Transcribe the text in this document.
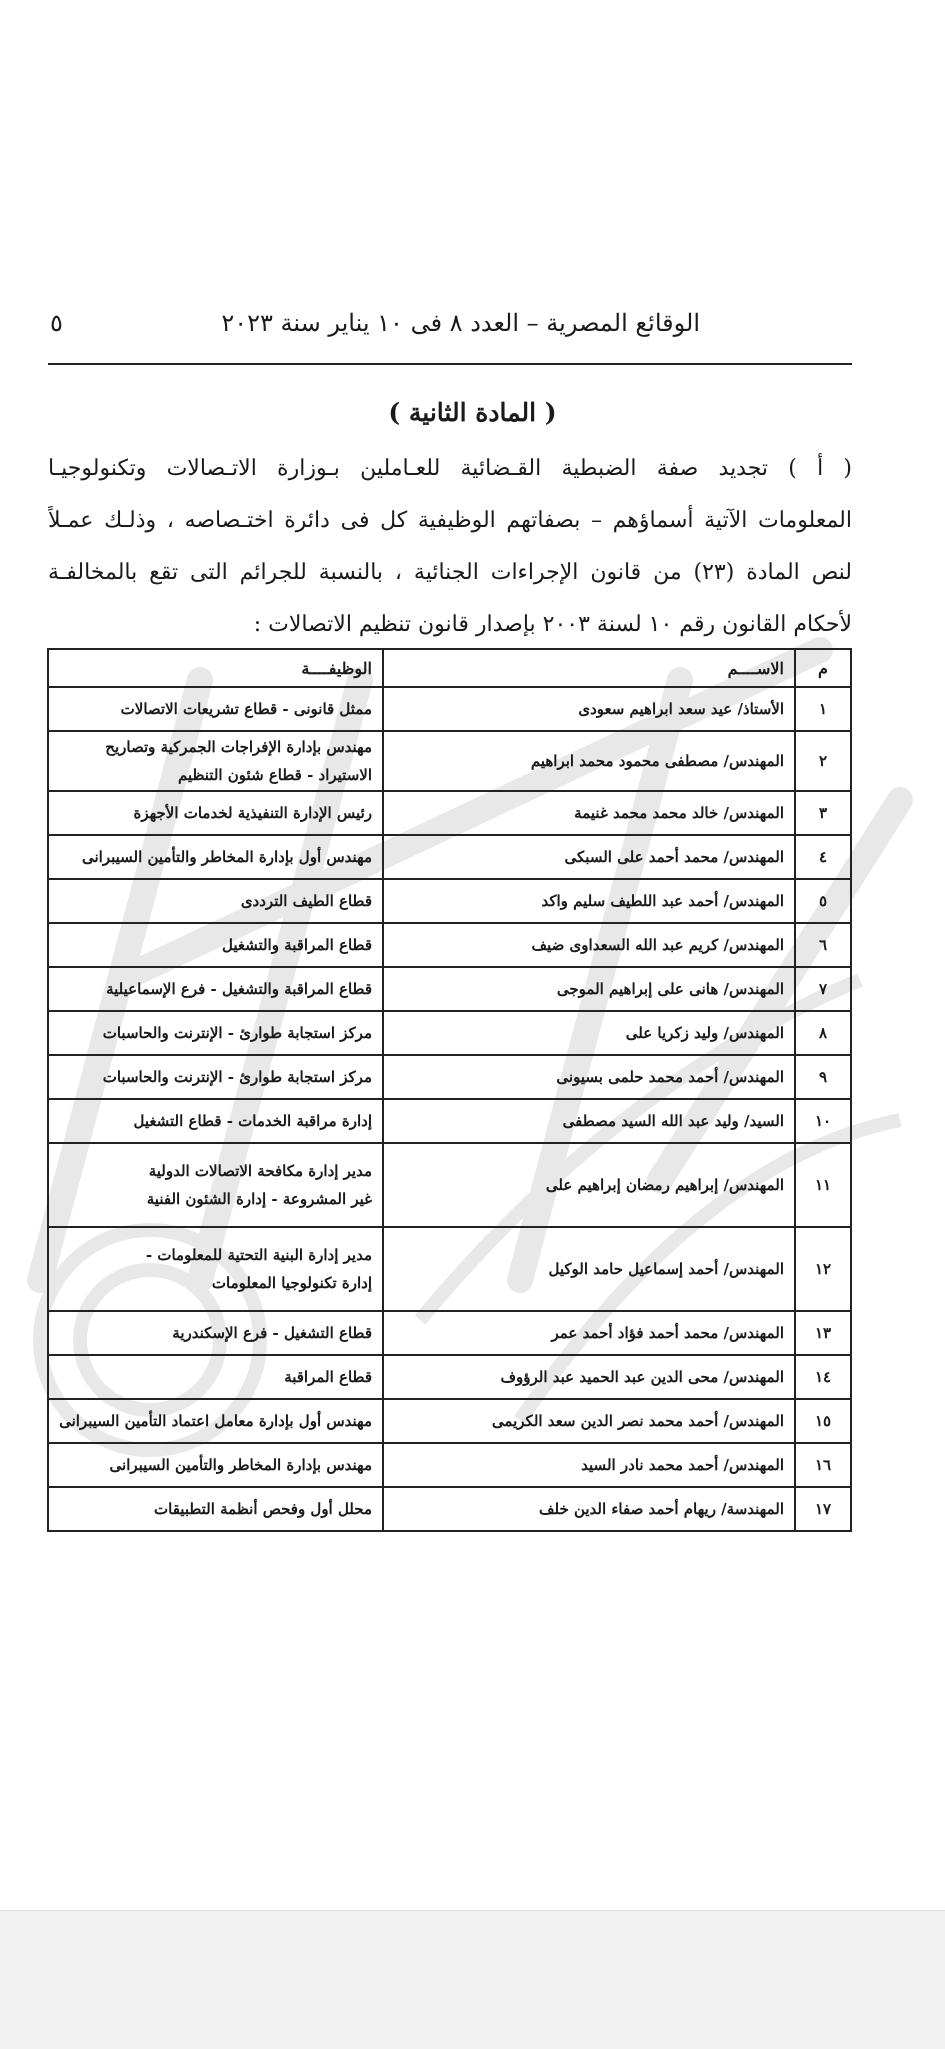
الوقائع المصرية – العدد ٨ فى ١٠ يناير سنة ٢٠٢٣
٥
( المادة الثانية )
( أ ) تجديد صفة الضبطية القـضائية للعـاملين بـوزارة الاتـصالات وتكنولوجيـا
المعلومات الآتية أسماؤهم – بصفاتهم الوظيفية كل فى دائرة اختـصاصه ، وذلـك عمـلاً
لنص المادة (٢٣) من قانون الإجراءات الجنائية ، بالنسبة للجرائم التى تقع بالمخالفـة
لأحكام القانون رقم ١٠ لسنة ٢٠٠٣ بإصدار قانون تنظيم الاتصالات :
م	الاســــم	الوظيفــــة
١	الأستاذ/ عيد سعد ابراهيم سعودى	ممثل قانونى - قطاع تشريعات الاتصالات

٢	المهندس/ مصطفى محمود محمد ابراهيم	مهندس بإدارة الإفراجات الجمركية وتصاريح
الاستيراد - قطاع شئون التنظيم

٣	المهندس/ خالد محمد محمد غنيمة	رئيس الإدارة التنفيذية لخدمات الأجهزة

٤	المهندس/ محمد أحمد على السبكى	مهندس أول بإدارة المخاطر والتأمين السيبرانى

٥	المهندس/ أحمد عبد اللطيف سليم واكد	قطاع الطيف الترددى

٦	المهندس/ كريم عبد الله السعداوى ضيف	قطاع المراقبة والتشغيل

٧	المهندس/ هانى على إبراهيم الموجى	قطاع المراقبة والتشغيل - فرع الإسماعيلية

٨	المهندس/ وليد زكريا على	مركز استجابة طوارئ - الإنترنت والحاسبات

٩	المهندس/ أحمد محمد حلمى بسيونى	مركز استجابة طوارئ - الإنترنت والحاسبات

١٠	السيد/ وليد عبد الله السيد مصطفى	إدارة مراقبة الخدمات - قطاع التشغيل

١١	المهندس/ إبراهيم رمضان إبراهيم على	مدير إدارة مكافحة الاتصالات الدولية
غير المشروعة - إدارة الشئون الفنية

١٢	المهندس/ أحمد إسماعيل حامد الوكيل	مدير إدارة البنية التحتية للمعلومات -
إدارة تكنولوجيا المعلومات

١٣	المهندس/ محمد أحمد فؤاد أحمد عمر	قطاع التشغيل - فرع الإسكندرية

١٤	المهندس/ محى الدين عبد الحميد عبد الرؤوف	قطاع المراقبة

١٥	المهندس/ أحمد محمد نصر الدين سعد الكريمى	مهندس أول بإدارة معامل اعتماد التأمين السيبرانى

١٦	المهندس/ أحمد محمد نادر السيد	مهندس بإدارة المخاطر والتأمين السيبرانى

١٧	المهندسة/ ريهام أحمد صفاء الدين خلف	محلل أول وفحص أنظمة التطبيقات
